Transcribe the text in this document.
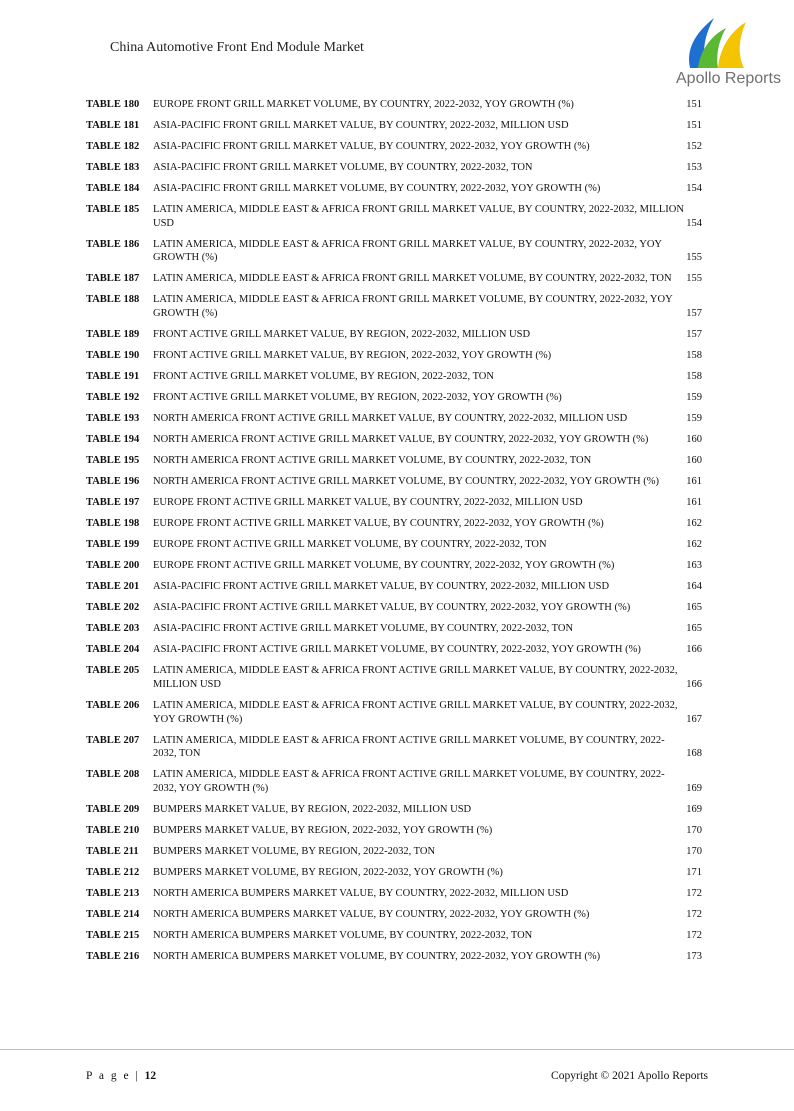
China Automotive Front End Module Market
Apollo Reports
TABLE 180 EUROPE FRONT GRILL MARKET VOLUME, BY COUNTRY, 2022-2032, YOY GROWTH (%)	151
TABLE 181 ASIA-PACIFIC FRONT GRILL MARKET VALUE, BY COUNTRY, 2022-2032, MILLION USD	151
TABLE 182 ASIA-PACIFIC FRONT GRILL MARKET VALUE, BY COUNTRY, 2022-2032, YOY GROWTH (%)	152
TABLE 183 ASIA-PACIFIC FRONT GRILL MARKET VOLUME, BY COUNTRY, 2022-2032, TON	153
TABLE 184 ASIA-PACIFIC FRONT GRILL MARKET VOLUME, BY COUNTRY, 2022-2032, YOY GROWTH (%)	154
TABLE 185 LATIN AMERICA, MIDDLE EAST & AFRICA FRONT GRILL MARKET VALUE, BY COUNTRY, 2022-2032, MILLION USD	154
TABLE 186 LATIN AMERICA, MIDDLE EAST & AFRICA FRONT GRILL MARKET VALUE, BY COUNTRY, 2022-2032, YOY GROWTH (%)	155
TABLE 187 LATIN AMERICA, MIDDLE EAST & AFRICA FRONT GRILL MARKET VOLUME, BY COUNTRY, 2022-2032, TON	155
TABLE 188 LATIN AMERICA, MIDDLE EAST & AFRICA FRONT GRILL MARKET VOLUME, BY COUNTRY, 2022-2032, YOY GROWTH (%)	157
TABLE 189 FRONT ACTIVE GRILL MARKET VALUE, BY REGION, 2022-2032, MILLION USD	157
TABLE 190 FRONT ACTIVE GRILL MARKET VALUE, BY REGION, 2022-2032, YOY GROWTH (%)	158
TABLE 191 FRONT ACTIVE GRILL MARKET VOLUME, BY REGION, 2022-2032, TON	158
TABLE 192 FRONT ACTIVE GRILL MARKET VOLUME, BY REGION, 2022-2032, YOY GROWTH (%)	159
TABLE 193 NORTH AMERICA FRONT ACTIVE GRILL MARKET VALUE, BY COUNTRY, 2022-2032, MILLION USD	159
TABLE 194 NORTH AMERICA FRONT ACTIVE GRILL MARKET VALUE, BY COUNTRY, 2022-2032, YOY GROWTH (%)	160
TABLE 195 NORTH AMERICA FRONT ACTIVE GRILL MARKET VOLUME, BY COUNTRY, 2022-2032, TON	160
TABLE 196 NORTH AMERICA FRONT ACTIVE GRILL MARKET VOLUME, BY COUNTRY, 2022-2032, YOY GROWTH (%)	161
TABLE 197 EUROPE FRONT ACTIVE GRILL MARKET VALUE, BY COUNTRY, 2022-2032, MILLION USD	161
TABLE 198 EUROPE FRONT ACTIVE GRILL MARKET VALUE, BY COUNTRY, 2022-2032, YOY GROWTH (%)	162
TABLE 199 EUROPE FRONT ACTIVE GRILL MARKET VOLUME, BY COUNTRY, 2022-2032, TON	162
TABLE 200 EUROPE FRONT ACTIVE GRILL MARKET VOLUME, BY COUNTRY, 2022-2032, YOY GROWTH (%)	163
TABLE 201 ASIA-PACIFIC FRONT ACTIVE GRILL MARKET VALUE, BY COUNTRY, 2022-2032, MILLION USD	164
TABLE 202 ASIA-PACIFIC FRONT ACTIVE GRILL MARKET VALUE, BY COUNTRY, 2022-2032, YOY GROWTH (%)	165
TABLE 203 ASIA-PACIFIC FRONT ACTIVE GRILL MARKET VOLUME, BY COUNTRY, 2022-2032, TON	165
TABLE 204 ASIA-PACIFIC FRONT ACTIVE GRILL MARKET VOLUME, BY COUNTRY, 2022-2032, YOY GROWTH (%)	166
TABLE 205 LATIN AMERICA, MIDDLE EAST & AFRICA FRONT ACTIVE GRILL MARKET VALUE, BY COUNTRY, 2022-2032, MILLION USD	166
TABLE 206 LATIN AMERICA, MIDDLE EAST & AFRICA FRONT ACTIVE GRILL MARKET VALUE, BY COUNTRY, 2022-2032, YOY GROWTH (%)	167
TABLE 207 LATIN AMERICA, MIDDLE EAST & AFRICA FRONT ACTIVE GRILL MARKET VOLUME, BY COUNTRY, 2022-2032, TON	168
TABLE 208 LATIN AMERICA, MIDDLE EAST & AFRICA FRONT ACTIVE GRILL MARKET VOLUME, BY COUNTRY, 2022-2032, YOY GROWTH (%)	169
TABLE 209 BUMPERS MARKET VALUE, BY REGION, 2022-2032, MILLION USD	169
TABLE 210 BUMPERS MARKET VALUE, BY REGION, 2022-2032, YOY GROWTH (%)	170
TABLE 211 BUMPERS MARKET VOLUME, BY REGION, 2022-2032, TON	170
TABLE 212 BUMPERS MARKET VOLUME, BY REGION, 2022-2032, YOY GROWTH (%)	171
TABLE 213 NORTH AMERICA BUMPERS MARKET VALUE, BY COUNTRY, 2022-2032, MILLION USD	172
TABLE 214 NORTH AMERICA BUMPERS MARKET VALUE, BY COUNTRY, 2022-2032, YOY GROWTH (%)	172
TABLE 215 NORTH AMERICA BUMPERS MARKET VOLUME, BY COUNTRY, 2022-2032, TON	172
TABLE 216 NORTH AMERICA BUMPERS MARKET VOLUME, BY COUNTRY, 2022-2032, YOY GROWTH (%)	173
P a g e | 12	Copyright © 2021 Apollo Reports
